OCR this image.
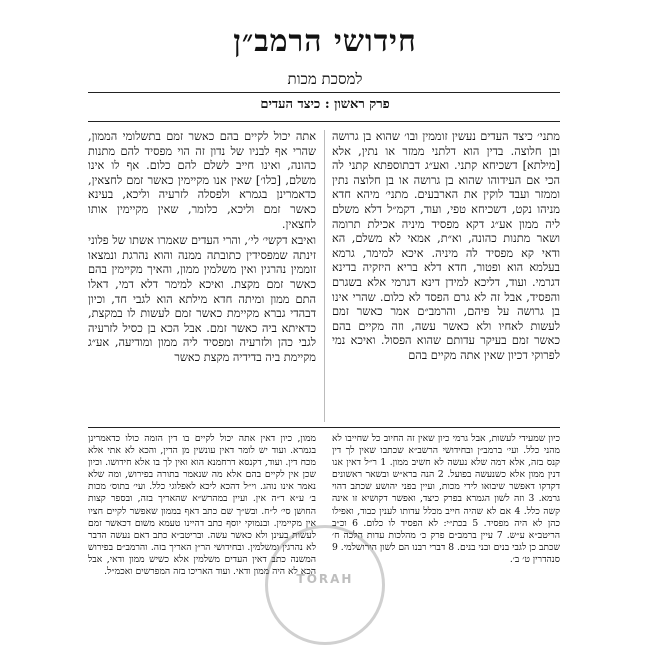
חידושי הרמב״ן
למסכת מכות
פרק ראשון : כיצד העדים

מתני׳ כיצד העדים נעשין זוממין ובו׳ שהוא בן גרושה ובן חלוצה. בדין הוא דלתני ממזר או נתין, אלא [מילתא] דשכיחא קתני. ואע״ג דבתוספתא קתני לה הכי אם העידוהו שהוא בן גרושה או בן חלוצה נתין וממזר ועבד לוקין את הארבעים. מתני׳ מיהא חדא מניהו נקט, דשכיחא טפי, ועוד, דקמ״ל דלא משלם ליה ממון אע״ג דקא מפסיד מיניה אכילת תרומה ושאר מתנות כהונה, וא״ת, אמאי לא משלם, הא ודאי קא מפסיד לה מיניה. איכא למימר, גרמא בעלמא הוא ופטור, חדא דלא בריא היזקיה בדינא דגרמי. ועוד, דליכא למידן דינא דגרמי אלא בשגרם והפסיד, אבל זה לא גרם הפסד לא כלום. שהרי אינו בן גרושה על פיהם, והרמב״ם אמר כאשר זמם לעשות לאחיו ולא כאשר עשה, וזה מקיים בהם כאשר זמם בעיקר עדותם שהוא הפסול. ואיכא נמי לפרוקי דכיון שאין אתה מקיים בהם

אתה יכול לקיים בהם כאשר זמם בתשלומי הממון, שהרי אף לבניו של נדון זה הוי מפסיד להם מתנות כהונה, ואינו חייב לשלם להם כלום. אף לו אינו משלם, [כלו׳] שאין אנו מקיימין כאשר זמם לחצאין, כדאמרינן בגמרא ולפסלה לזרעיה וליכא, בעינא כאשר זמם וליכא, כלומר, שאין מקיימין אותו לחצאין.

ואיבא דקשי׳ לי׳, והרי העדים שאמרו אשתו של פלוני זינתה שמפסידין כתובתה ממנה והוא נהרגת ונמצאו זוממין נהרגין ואין משלמין ממון, והאיך מקיימין בהם כאשר זמם מקצת. ואיכא למימר דלא דמי, דאלו התם ממון ומיתה חדא מילתא הוא לגבי חד, וכיון דבהדי גברא מקיימת כאשר זמם לעשות לו במקצת, כדאיתא ביה כאשר זמם. אבל הכא בן כסיל לזרעיה לגבי כהן ולזרעיה ומפסיד ליה ממון ומודיעה, אע״ג מקיימת ביה בדידיה מקצת כאשר

כיון שמעידי לעשות, אבל גרמי כיון שאין זה החיוב כל שחייבו לא מהני כלל. ועי׳ ברמב״ן ובחידושי הרשב״א שכתבו שאין לך דין קנס בזה, אלא דמה שלא נעשה לא חשיב ממון. 1 ר״ל דאין אנו דנין ממון אלא כשנעשה בפועל. 2 הנה ברא״ש ובשאר ראשונים דקדקו דאפשר שיבואו לידי מכות, ועיין בפני יהושע שכתב דהוי גרמא. 3 וזה לשון הגמרא בפרק כיצד, ואפשר דקושיא זו אינה קשה כלל. 4 אם לא שהיה חייב מכלל עדותו לענין כבוד, ואפילו כהן לא היה מפסיד. 5 בכת״י: לא הפסיד לו כלום. 6 וכ״ב הריטב״א ע״ש. 7 עיין ברמב״ם פרק כ׳ מהלכות עדות הלכה ח׳ שכתב כן לגבי בנים ובני בנים. 8 דברי רבנו הם לשון הירושלמי. 9 סנהדרין ט׳ ב׳.

ממון, כיון דאין אתה יכול לקיים בו דין הזמה כולו כדאמרינן בגמרא. ועוד יש לומר דאין עונשין מן הדין, והכא לא אתי אלא מכח דין. ועוד, דקנסא דרחמנא הוא ואין לך בו אלא חידושו. וכיון שכן אין לקיים בהם אלא מה שנאמר בתורה בפירוש, ומה שלא נאמר אינו נוהג. וי״ל דהכא ליכא לאפלוגי כלל. ועי׳ בתוס׳ מכות ב׳ ע״א ד״ה אין. ועיין במהרש״א שהאריך בזה, ובספר קצות החושן סי׳ ל״ח. ובש״ך שם כתב דאף בממון שאפשר לקיים חציו אין מקיימין. ובנמוקי יוסף כתב דהיינו טעמא משום דכאשר זמם לעשות בעינן ולא כאשר עשה. ובריטב״א כתב דאם נעשה הדבר לא נהרגין ומשלמין. ובחידושי הר״ן האריך בזה. והרמב״ם בפירוש המשנה כתב דאין העדים משלמין אלא כשיש ממון ודאי, אבל הכא לא היה ממון ודאי. ועוד האריכו בזה המפרשים ואכמ״ל.

TORAH
